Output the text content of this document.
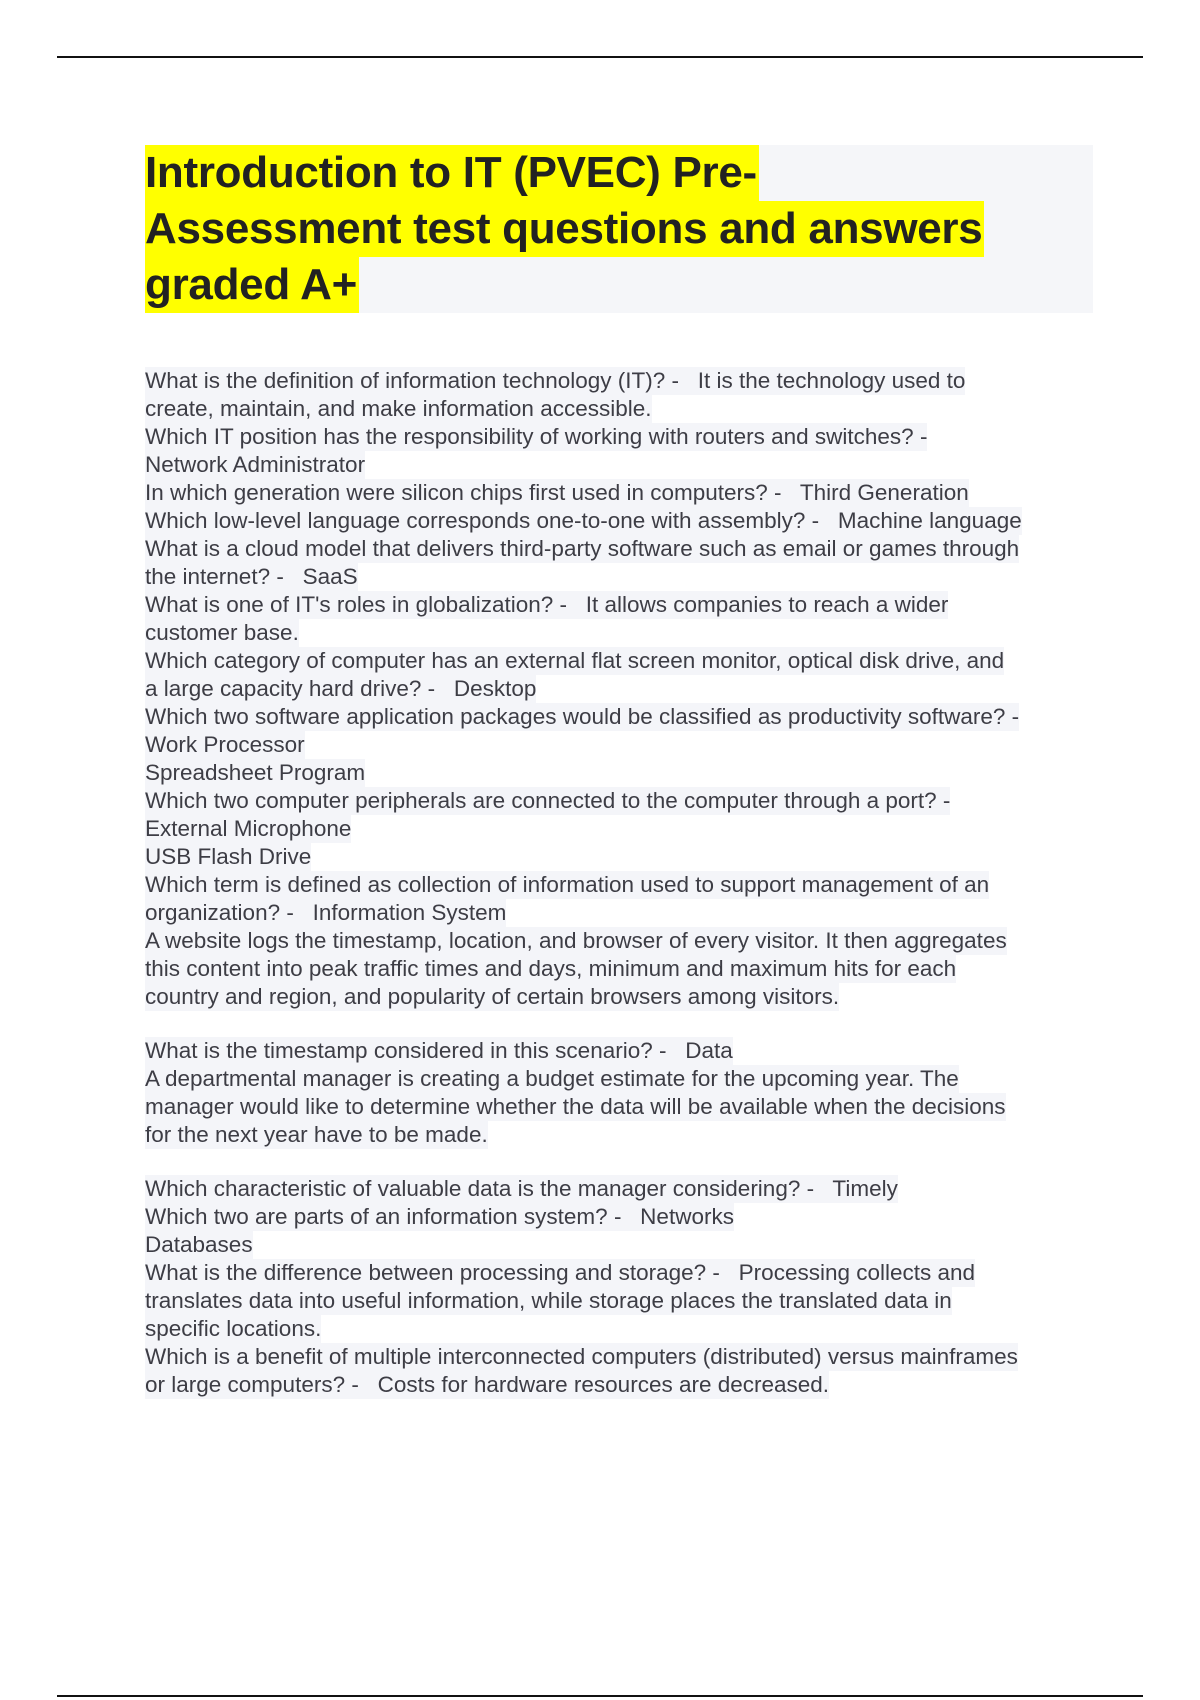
Introduction to IT (PVEC) Pre-
Assessment test questions and answers
graded A+
What is the definition of information technology (IT)? -   It is the technology used to
create, maintain, and make information accessible.
Which IT position has the responsibility of working with routers and switches? -
Network Administrator
In which generation were silicon chips first used in computers? -   Third Generation
Which low-level language corresponds one-to-one with assembly? -   Machine language
What is a cloud model that delivers third-party software such as email or games through
the internet? -   SaaS
What is one of IT's roles in globalization? -   It allows companies to reach a wider
customer base.
Which category of computer has an external flat screen monitor, optical disk drive, and
a large capacity hard drive? -   Desktop
Which two software application packages would be classified as productivity software? -
Work Processor
Spreadsheet Program
Which two computer peripherals are connected to the computer through a port? -
External Microphone
USB Flash Drive
Which term is defined as collection of information used to support management of an
organization? -   Information System
A website logs the timestamp, location, and browser of every visitor. It then aggregates
this content into peak traffic times and days, minimum and maximum hits for each
country and region, and popularity of certain browsers among visitors.
What is the timestamp considered in this scenario? -   Data
A departmental manager is creating a budget estimate for the upcoming year. The
manager would like to determine whether the data will be available when the decisions
for the next year have to be made.
Which characteristic of valuable data is the manager considering? -   Timely
Which two are parts of an information system? -   Networks
Databases
What is the difference between processing and storage? -   Processing collects and
translates data into useful information, while storage places the translated data in
specific locations.
Which is a benefit of multiple interconnected computers (distributed) versus mainframes
or large computers? -   Costs for hardware resources are decreased.
